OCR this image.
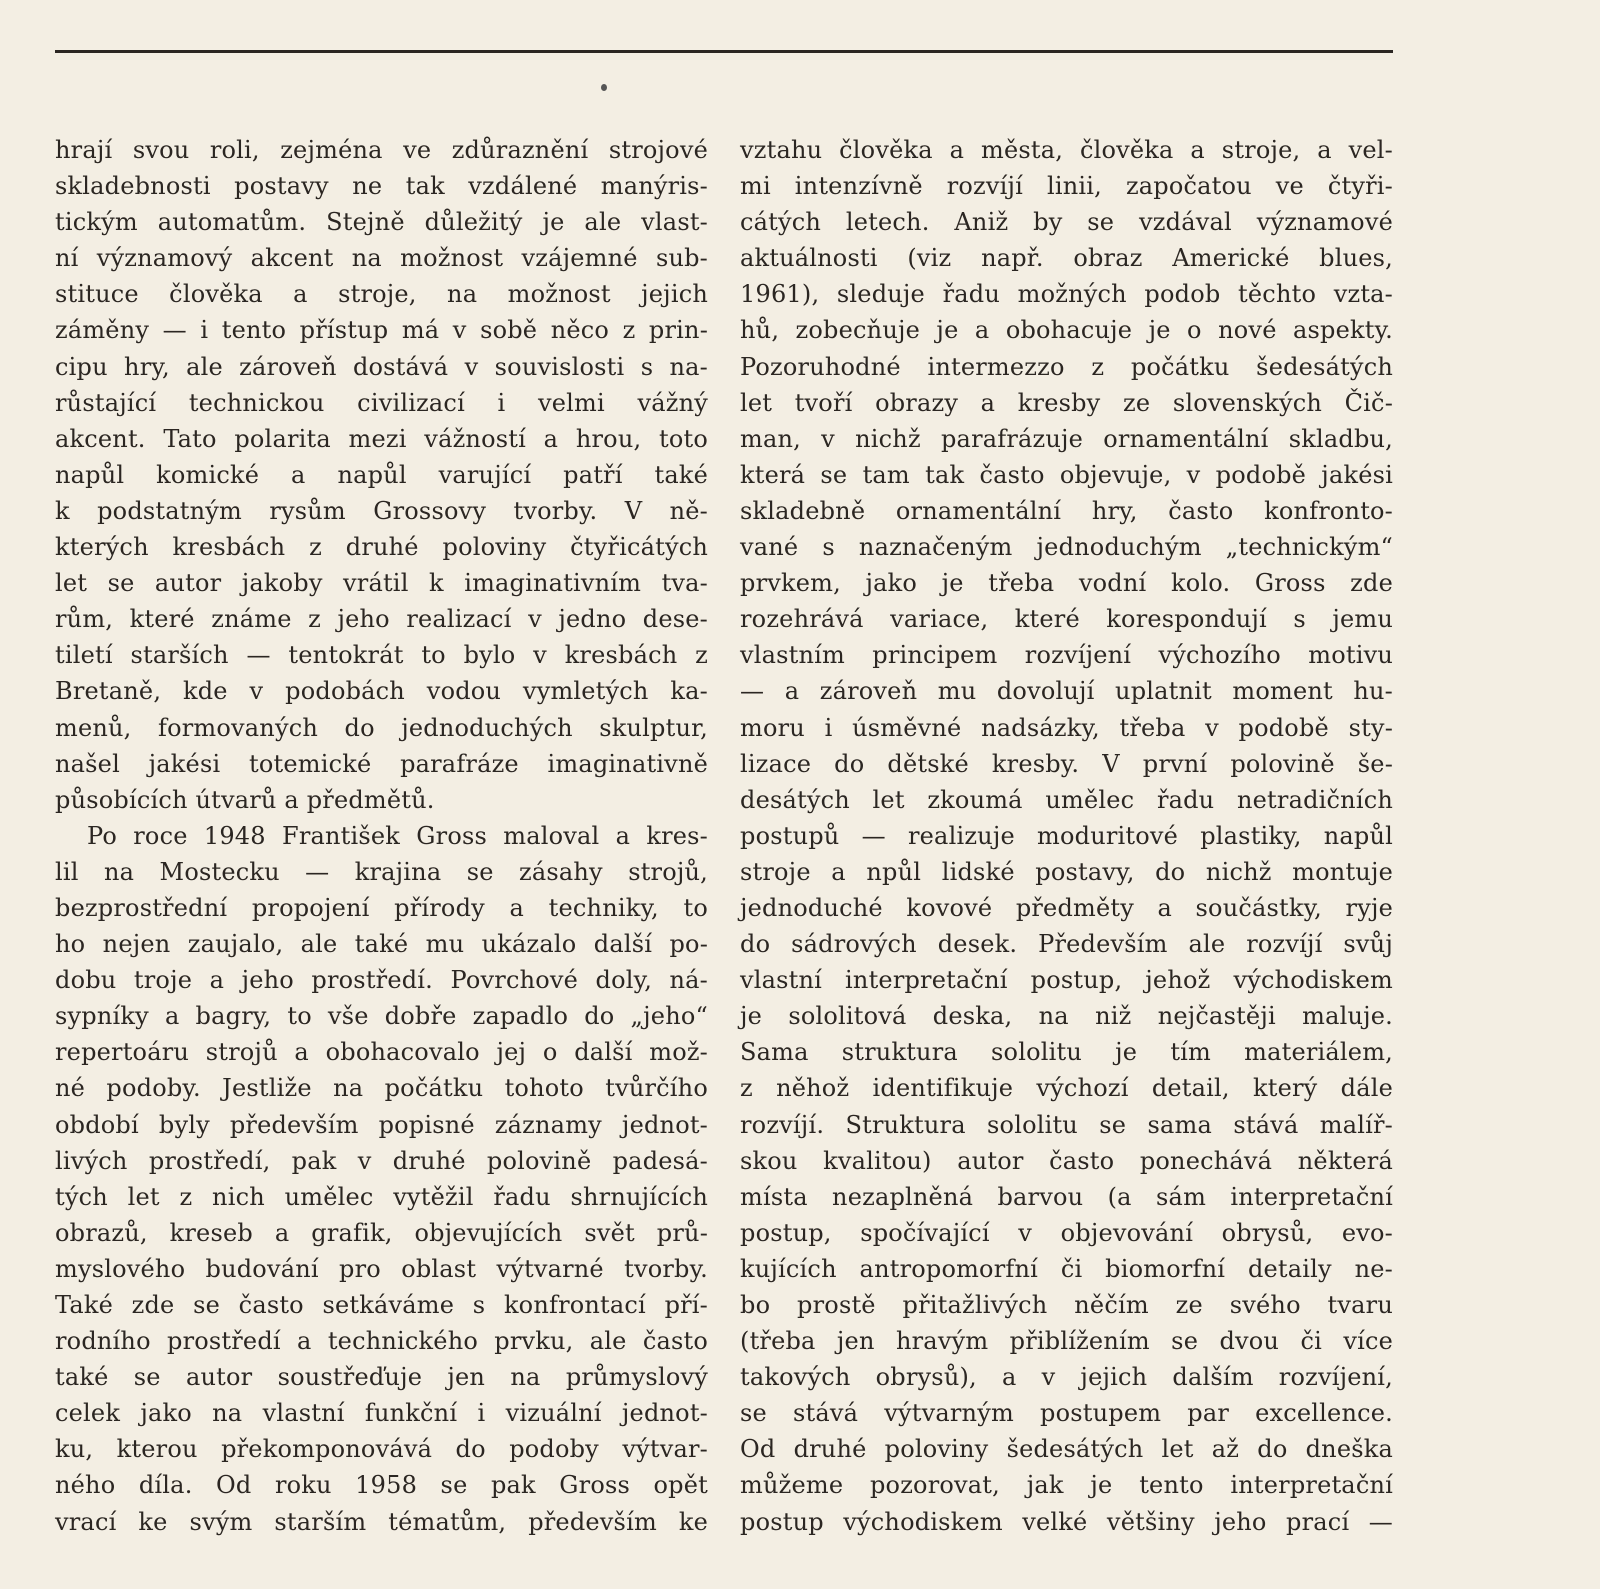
hrají svou roli, zejména ve zdůraznění strojové
skladebnosti postavy ne tak vzdálené manýris-
tickým automatům. Stejně důležitý je ale vlast-
ní významový akcent na možnost vzájemné sub-
stituce člověka a stroje, na možnost jejich
záměny — i tento přístup má v sobě něco z prin-
cipu hry, ale zároveň dostává v souvislosti s na-
růstající technickou civilizací i velmi vážný
akcent. Tato polarita mezi vážností a hrou, toto
napůl komické a napůl varující patří také
k podstatným rysům Grossovy tvorby. V ně-
kterých kresbách z druhé poloviny čtyřicátých
let se autor jakoby vrátil k imaginativním tva-
rům, které známe z jeho realizací v jedno dese-
tiletí starších — tentokrát to bylo v kresbách z
Bretaně, kde v podobách vodou vymletých ka-
menů, formovaných do jednoduchých skulptur,
našel jakési totemické parafráze imaginativně
působících útvarů a předmětů.
Po roce 1948 František Gross maloval a kres-
lil na Mostecku — krajina se zásahy strojů,
bezprostřední propojení přírody a techniky, to
ho nejen zaujalo, ale také mu ukázalo další po-
dobu troje a jeho prostředí. Povrchové doly, ná-
sypníky a bagry, to vše dobře zapadlo do „jeho“
repertoáru strojů a obohacovalo jej o další mož-
né podoby. Jestliže na počátku tohoto tvůrčího
období byly především popisné záznamy jednot-
livých prostředí, pak v druhé polovině padesá-
tých let z nich umělec vytěžil řadu shrnujících
obrazů, kreseb a grafik, objevujících svět prů-
myslového budování pro oblast výtvarné tvorby.
Také zde se často setkáváme s konfrontací pří-
rodního prostředí a technického prvku, ale často
také se autor soustřeďuje jen na průmyslový
celek jako na vlastní funkční i vizuální jednot-
ku, kterou překomponovává do podoby výtvar-
ného díla. Od roku 1958 se pak Gross opět
vrací ke svým starším tématům, především ke
vztahu člověka a města, člověka a stroje, a vel-
mi intenzívně rozvíjí linii, započatou ve čtyři-
cátých letech. Aniž by se vzdával významové
aktuálnosti (viz např. obraz Americké blues,
1961), sleduje řadu možných podob těchto vzta-
hů, zobecňuje je a obohacuje je o nové aspekty.
Pozoruhodné intermezzo z počátku šedesátých
let tvoří obrazy a kresby ze slovenských Čič-
man, v nichž parafrázuje ornamentální skladbu,
která se tam tak často objevuje, v podobě jakési
skladebně ornamentální hry, často konfronto-
vané s naznačeným jednoduchým „technickým“
prvkem, jako je třeba vodní kolo. Gross zde
rozehrává variace, které korespondují s jemu
vlastním principem rozvíjení výchozího motivu
— a zároveň mu dovolují uplatnit moment hu-
moru i úsměvné nadsázky, třeba v podobě sty-
lizace do dětské kresby. V první polovině še-
desátých let zkoumá umělec řadu netradičních
postupů — realizuje moduritové plastiky, napůl
stroje a npůl lidské postavy, do nichž montuje
jednoduché kovové předměty a součástky, ryje
do sádrových desek. Především ale rozvíjí svůj
vlastní interpretační postup, jehož východiskem
je sololitová deska, na niž nejčastěji maluje.
Sama struktura sololitu je tím materiálem,
z něhož identifikuje výchozí detail, který dále
rozvíjí. Struktura sololitu se sama stává malíř-
skou kvalitou) autor často ponechává některá
místa nezaplněná barvou (a sám interpretační
postup, spočívající v objevování obrysů, evo-
kujících antropomorfní či biomorfní detaily ne-
bo prostě přitažlivých něčím ze svého tvaru
(třeba jen hravým přiblížením se dvou či více
takových obrysů), a v jejich dalším rozvíjení,
se stává výtvarným postupem par excellence.
Od druhé poloviny šedesátých let až do dneška
můžeme pozorovat, jak je tento interpretační
postup východiskem velké většiny jeho prací —
